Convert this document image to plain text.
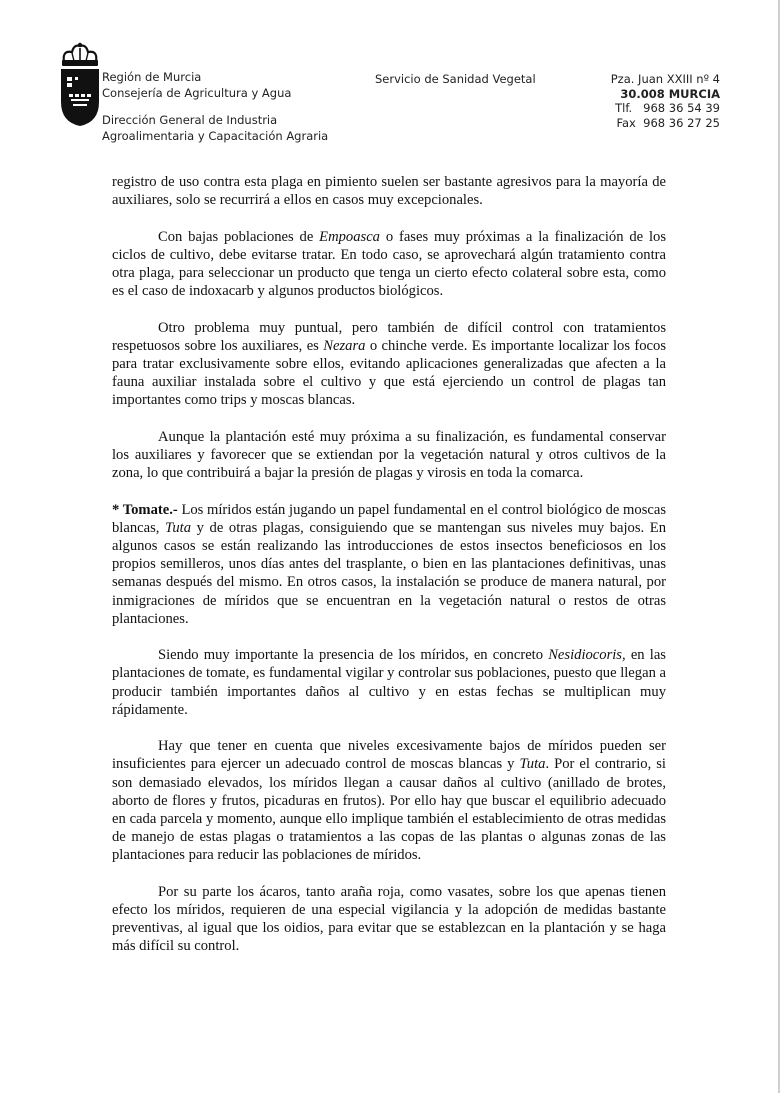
Región de Murcia
Consejería de Agricultura y Agua
Dirección General de Industria
Agroalimentaria y Capacitación Agraria
Servicio de Sanidad Vegetal	Pza. Juan XXIII nº 4
30.008 MURCIA
Tlf.   968 36 54 39
Fax  968 36 27 25

registro de uso contra esta plaga en pimiento suelen ser bastante agresivos para la mayoría de auxiliares, solo se recurrirá a ellos en casos muy excepcionales.

Con bajas poblaciones de Empoasca o fases muy próximas a la finalización de los ciclos de cultivo, debe evitarse tratar. En todo caso, se aprovechará algún tratamiento contra otra plaga, para seleccionar un producto que tenga un cierto efecto colateral sobre esta, como es el caso de indoxacarb y algunos productos biológicos.

Otro problema muy puntual, pero también de difícil control con tratamientos respetuosos sobre los auxiliares, es Nezara o chinche verde. Es importante localizar los focos para tratar exclusivamente sobre ellos, evitando aplicaciones generalizadas que afecten a la fauna auxiliar instalada sobre el cultivo y que está ejerciendo un control de plagas tan importantes como trips y moscas blancas.

Aunque la plantación esté muy próxima a su finalización, es fundamental conservar los auxiliares y favorecer que se extiendan por la vegetación natural y otros cultivos de la zona, lo que contribuirá a bajar la presión de plagas y virosis en toda la comarca.

* Tomate.- Los míridos están jugando un papel fundamental en el control biológico de moscas blancas, Tuta y de otras plagas, consiguiendo que se mantengan sus niveles muy bajos. En algunos casos se están realizando las introducciones de estos insectos beneficiosos en los propios semilleros, unos días antes del trasplante, o bien en las plantaciones definitivas, unas semanas después del mismo. En otros casos, la instalación se produce de manera natural, por inmigraciones de míridos que se encuentran en la vegetación natural o restos de otras plantaciones.

Siendo muy importante la presencia de los míridos, en concreto Nesidiocoris, en las plantaciones de tomate, es fundamental vigilar y controlar sus poblaciones, puesto que llegan a producir también importantes daños al cultivo y en estas fechas se multiplican muy rápidamente.

Hay que tener en cuenta que niveles excesivamente bajos de míridos pueden ser insuficientes para ejercer un adecuado control de moscas blancas y Tuta. Por el contrario, si son demasiado elevados, los míridos llegan a causar daños al cultivo (anillado de brotes, aborto de flores y frutos, picaduras en frutos). Por ello hay que buscar el equilibrio adecuado en cada parcela y momento, aunque ello implique también el establecimiento de otras medidas de manejo de estas plagas o tratamientos a las copas de las plantas o algunas zonas de las plantaciones para reducir las poblaciones de míridos.

Por su parte los ácaros, tanto araña roja, como vasates, sobre los que apenas tienen efecto los míridos, requieren de una especial vigilancia y la adopción de medidas bastante preventivas, al igual que los oidios, para evitar que se establezcan en la plantación y se haga más difícil su control.
